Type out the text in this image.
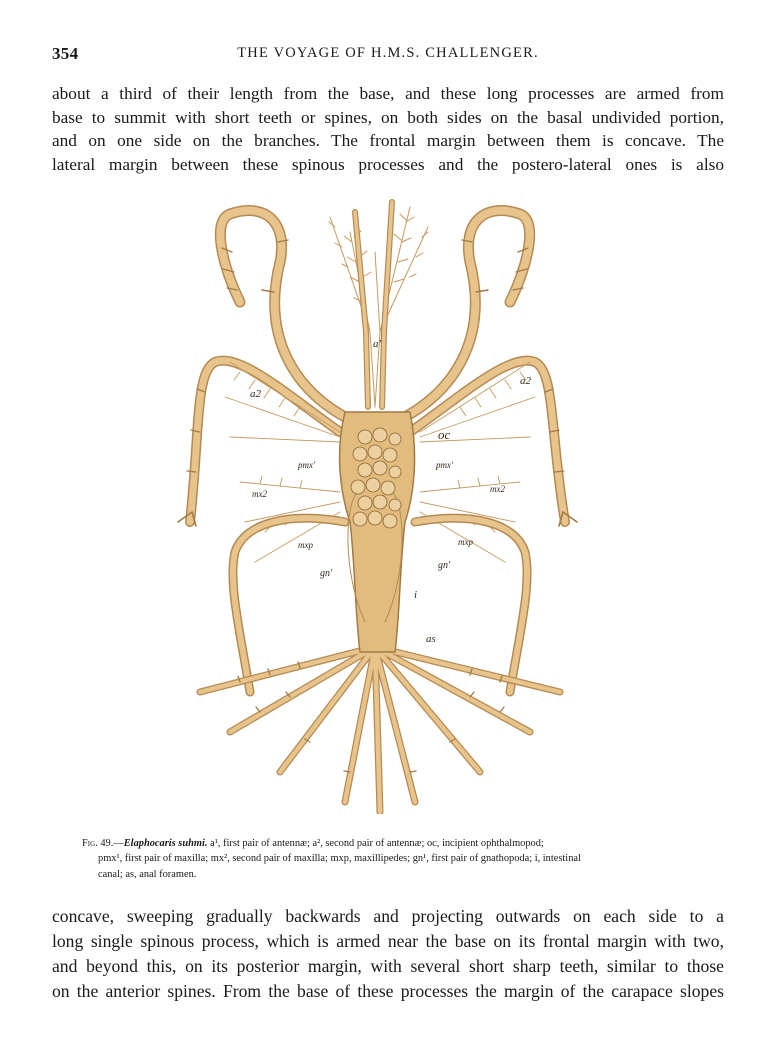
354	THE VOYAGE OF H.M.S. CHALLENGER.
about a third of their length from the base, and these long processes are armed from
base to summit with short teeth or spines, on both sides on the basal undivided portion,
and on one side on the branches. The frontal margin between them is concave. The
lateral margin between these spinous processes and the postero-lateral ones is also
a'
a2
a2
oc
pmx'	pmx'
mx2	mx2
mxp	mxp
gn'
gn'
i
as
Fig. 49.—Elaphocaris suhmi. a¹, first pair of antennæ; a², second pair of antennæ; oc, incipient ophthalmopod;
pmx¹, first pair of maxilla; mx², second pair of maxilla; mxp, maxillipedes; gn¹, first pair of gnathopoda; i, intestinal
canal; as, anal foramen.
concave, sweeping gradually backwards and projecting outwards on each side to a
long single spinous process, which is armed near the base on its frontal margin with two,
and beyond this, on its posterior margin, with several short sharp teeth, similar to those
on the anterior spines. From the base of these processes the margin of the carapace slopes
